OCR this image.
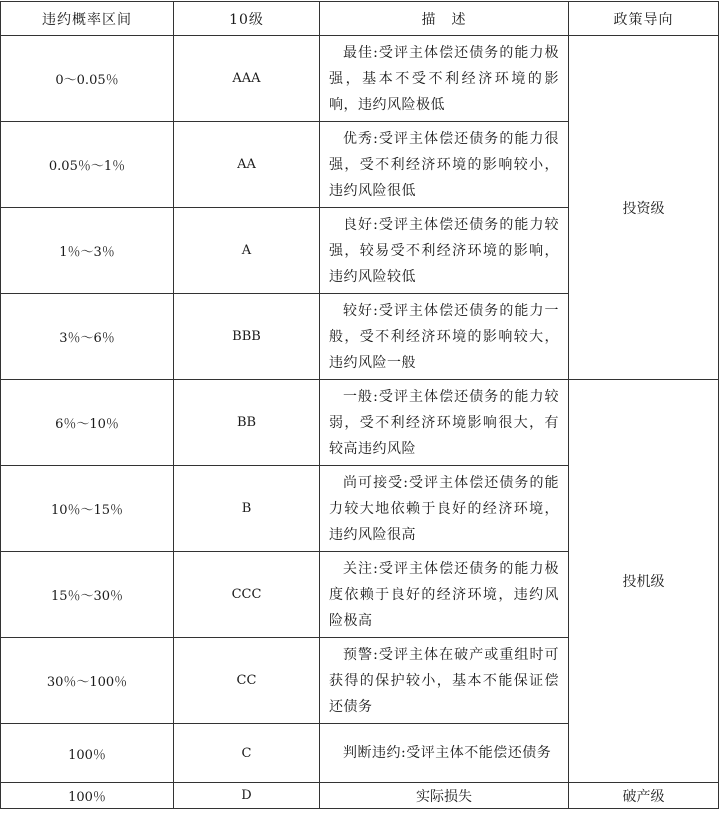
违约概率区间	10级	描　述	政策导向
0～0.05％	AAA	最佳:受评主体偿还债务的能力极强，基本不受不利经济环境的影响，违约风险极低	投资级
0.05％～1％	AA	优秀:受评主体偿还债务的能力很强，受不利经济环境的影响较小，违约风险很低	
1％～3％	A	良好:受评主体偿还债务的能力较强，较易受不利经济环境的影响，违约风险较低	
3％～6％	BBB	较好:受评主体偿还债务的能力一般，受不利经济环境的影响较大，违约风险一般	
6％～10％	BB	一般:受评主体偿还债务的能力较弱，受不利经济环境影响很大，有较高违约风险	投机级
10％～15％	B	尚可接受:受评主体偿还债务的能力较大地依赖于良好的经济环境，违约风险很高	
15％～30％	CCC	关注:受评主体偿还债务的能力极度依赖于良好的经济环境，违约风险极高	
30％～100％	CC	预警:受评主体在破产或重组时可获得的保护较小，基本不能保证偿还债务	
100％	C	判断违约:受评主体不能偿还债务	
100％	D	实际损失	破产级
